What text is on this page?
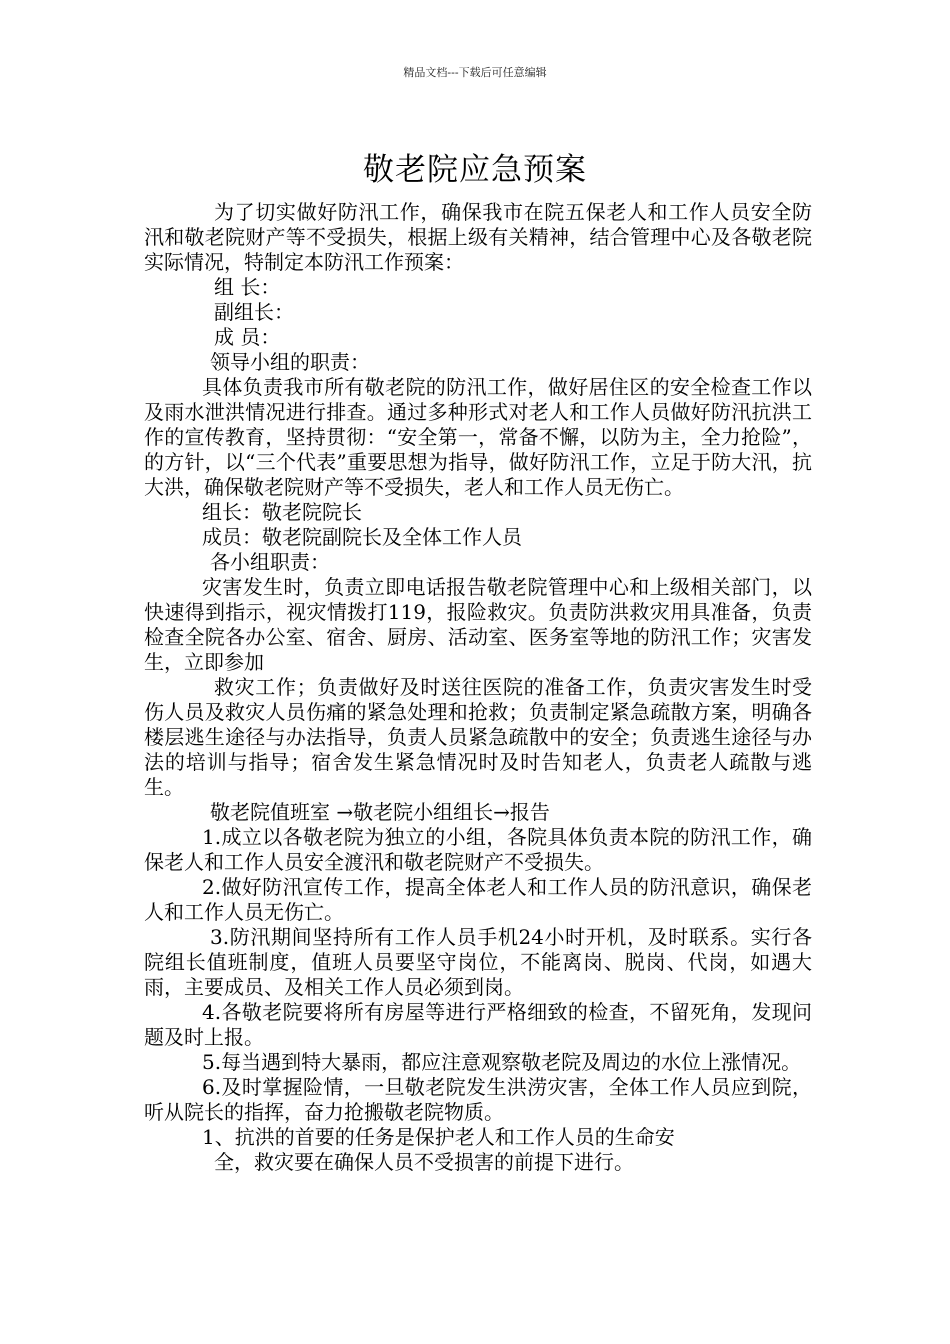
精品文档---下载后可任意编辑
敬老院应急预案

为了切实做好防汛工作，确保我市在院五保老人和工作人员安全防汛和敬老院财产等不受损失，根据上级有关精神，结合管理中心及各敬老院实际情况，特制定本防汛工作预案：

组 长：

副组长：

成 员：

领导小组的职责：

具体负责我市所有敬老院的防汛工作，做好居住区的安全检查工作以及雨水泄洪情况进行排查。通过多种形式对老人和工作人员做好防汛抗洪工作的宣传教育，坚持贯彻：“安全第一，常备不懈，以防为主，全力抢险”，的方针，以“三个代表”重要思想为指导，做好防汛工作，立足于防大汛，抗大洪，确保敬老院财产等不受损失，老人和工作人员无伤亡。

组长：敬老院院长

成员：敬老院副院长及全体工作人员

各小组职责：

灾害发生时，负责立即电话报告敬老院管理中心和上级相关部门，以快速得到指示，视灾情拨打119，报险救灾。负责防洪救灾用具准备，负责检查全院各办公室、宿舍、厨房、活动室、医务室等地的防汛工作；灾害发生，立即参加

救灾工作；负责做好及时送往医院的准备工作，负责灾害发生时受伤人员及救灾人员伤痛的紧急处理和抢救；负责制定紧急疏散方案，明确各楼层逃生途径与办法指导，负责人员紧急疏散中的安全；负责逃生途径与办法的培训与指导；宿舍发生紧急情况时及时告知老人，负责老人疏散与逃生。

敬老院值班室 →敬老院小组组长→报告

1.成立以各敬老院为独立的小组，各院具体负责本院的防汛工作，确保老人和工作人员安全渡汛和敬老院财产不受损失。

2.做好防汛宣传工作，提高全体老人和工作人员的防汛意识，确保老人和工作人员无伤亡。

3.防汛期间坚持所有工作人员手机24小时开机，及时联系。实行各院组长值班制度，值班人员要坚守岗位，不能离岗、脱岗、代岗，如遇大雨，主要成员、及相关工作人员必须到岗。

4.各敬老院要将所有房屋等进行严格细致的检查，不留死角，发现问题及时上报。

5.每当遇到特大暴雨，都应注意观察敬老院及周边的水位上涨情况。

6.及时掌握险情，一旦敬老院发生洪涝灾害，全体工作人员应到院，听从院长的指挥，奋力抢搬敬老院物质。

1、抗洪的首要的任务是保护老人和工作人员的生命安

全，救灾要在确保人员不受损害的前提下进行。
